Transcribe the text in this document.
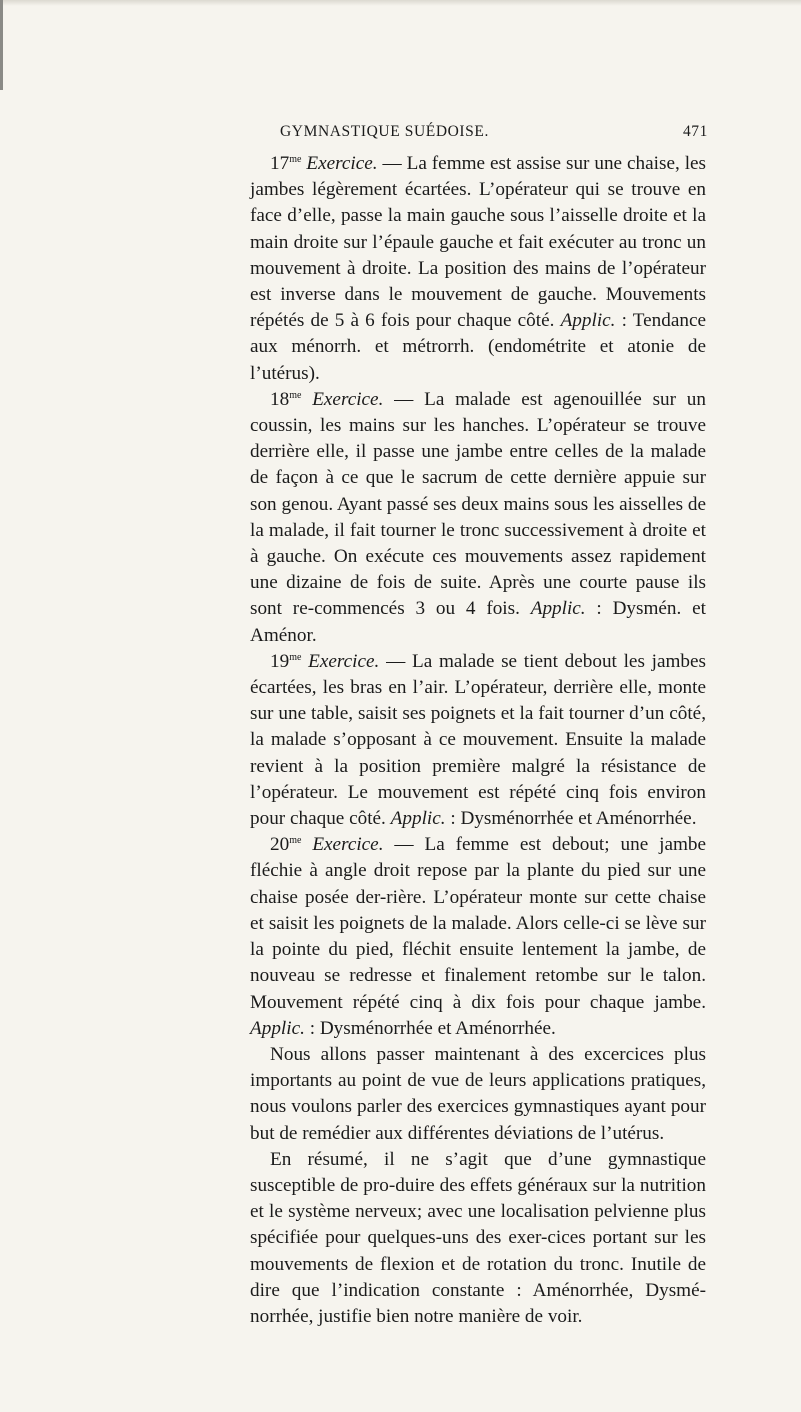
GYMNASTIQUE SUÉDOISE.	471

$17^{me}$ Exercice. — La femme est assise sur une chaise, les jambes légèrement écartées. L’opérateur qui se trouve en face d’elle, passe la main gauche sous l’aisselle droite et la main droite sur l’épaule gauche et fait exécuter au tronc un mouvement à droite. La position des mains de l’opérateur est inverse dans le mouvement de gauche. Mouvements répétés de 5 à 6 fois pour chaque côté. Applic. : Tendance aux ménorrh. et métrorrh. (endométrite et atonie de l’utérus).

$18^{me}$ Exercice. — La malade est agenouillée sur un coussin, les mains sur les hanches. L’opérateur se trouve derrière elle, il passe une jambe entre celles de la malade de façon à ce que le sacrum de cette dernière appuie sur son genou. Ayant passé ses deux mains sous les aisselles de la malade, il fait tourner le tronc successivement à droite et à gauche. On exécute ces mouvements assez rapidement une dizaine de fois de suite. Après une courte pause ils sont re-commencés 3 ou 4 fois. Applic. : Dysmén. et Aménor.

$19^{me}$ Exercice. — La malade se tient debout les jambes écartées, les bras en l’air. L’opérateur, derrière elle, monte sur une table, saisit ses poignets et la fait tourner d’un côté, la malade s’opposant à ce mouvement. Ensuite la malade revient à la position première malgré la résistance de l’opérateur. Le mouvement est répété cinq fois environ pour chaque côté. Applic. : Dysménorrhée et Aménorrhée.

$20^{me}$ Exercice. — La femme est debout; une jambe fléchie à angle droit repose par la plante du pied sur une chaise posée der-rière. L’opérateur monte sur cette chaise et saisit les poignets de la malade. Alors celle-ci se lève sur la pointe du pied, fléchit ensuite lentement la jambe, de nouveau se redresse et finalement retombe sur le talon. Mouvement répété cinq à dix fois pour chaque jambe. Applic. : Dysménorrhée et Aménorrhée.

Nous allons passer maintenant à des excercices plus importants au point de vue de leurs applications pratiques, nous voulons parler des exercices gymnastiques ayant pour but de remédier aux différentes déviations de l’utérus.

En résumé, il ne s’agit que d’une gymnastique susceptible de pro-duire des effets généraux sur la nutrition et le système nerveux; avec une localisation pelvienne plus spécifiée pour quelques-uns des exer-cices portant sur les mouvements de flexion et de rotation du tronc. Inutile de dire que l’indication constante : Aménorrhée, Dysmé-norrhée, justifie bien notre manière de voir.
